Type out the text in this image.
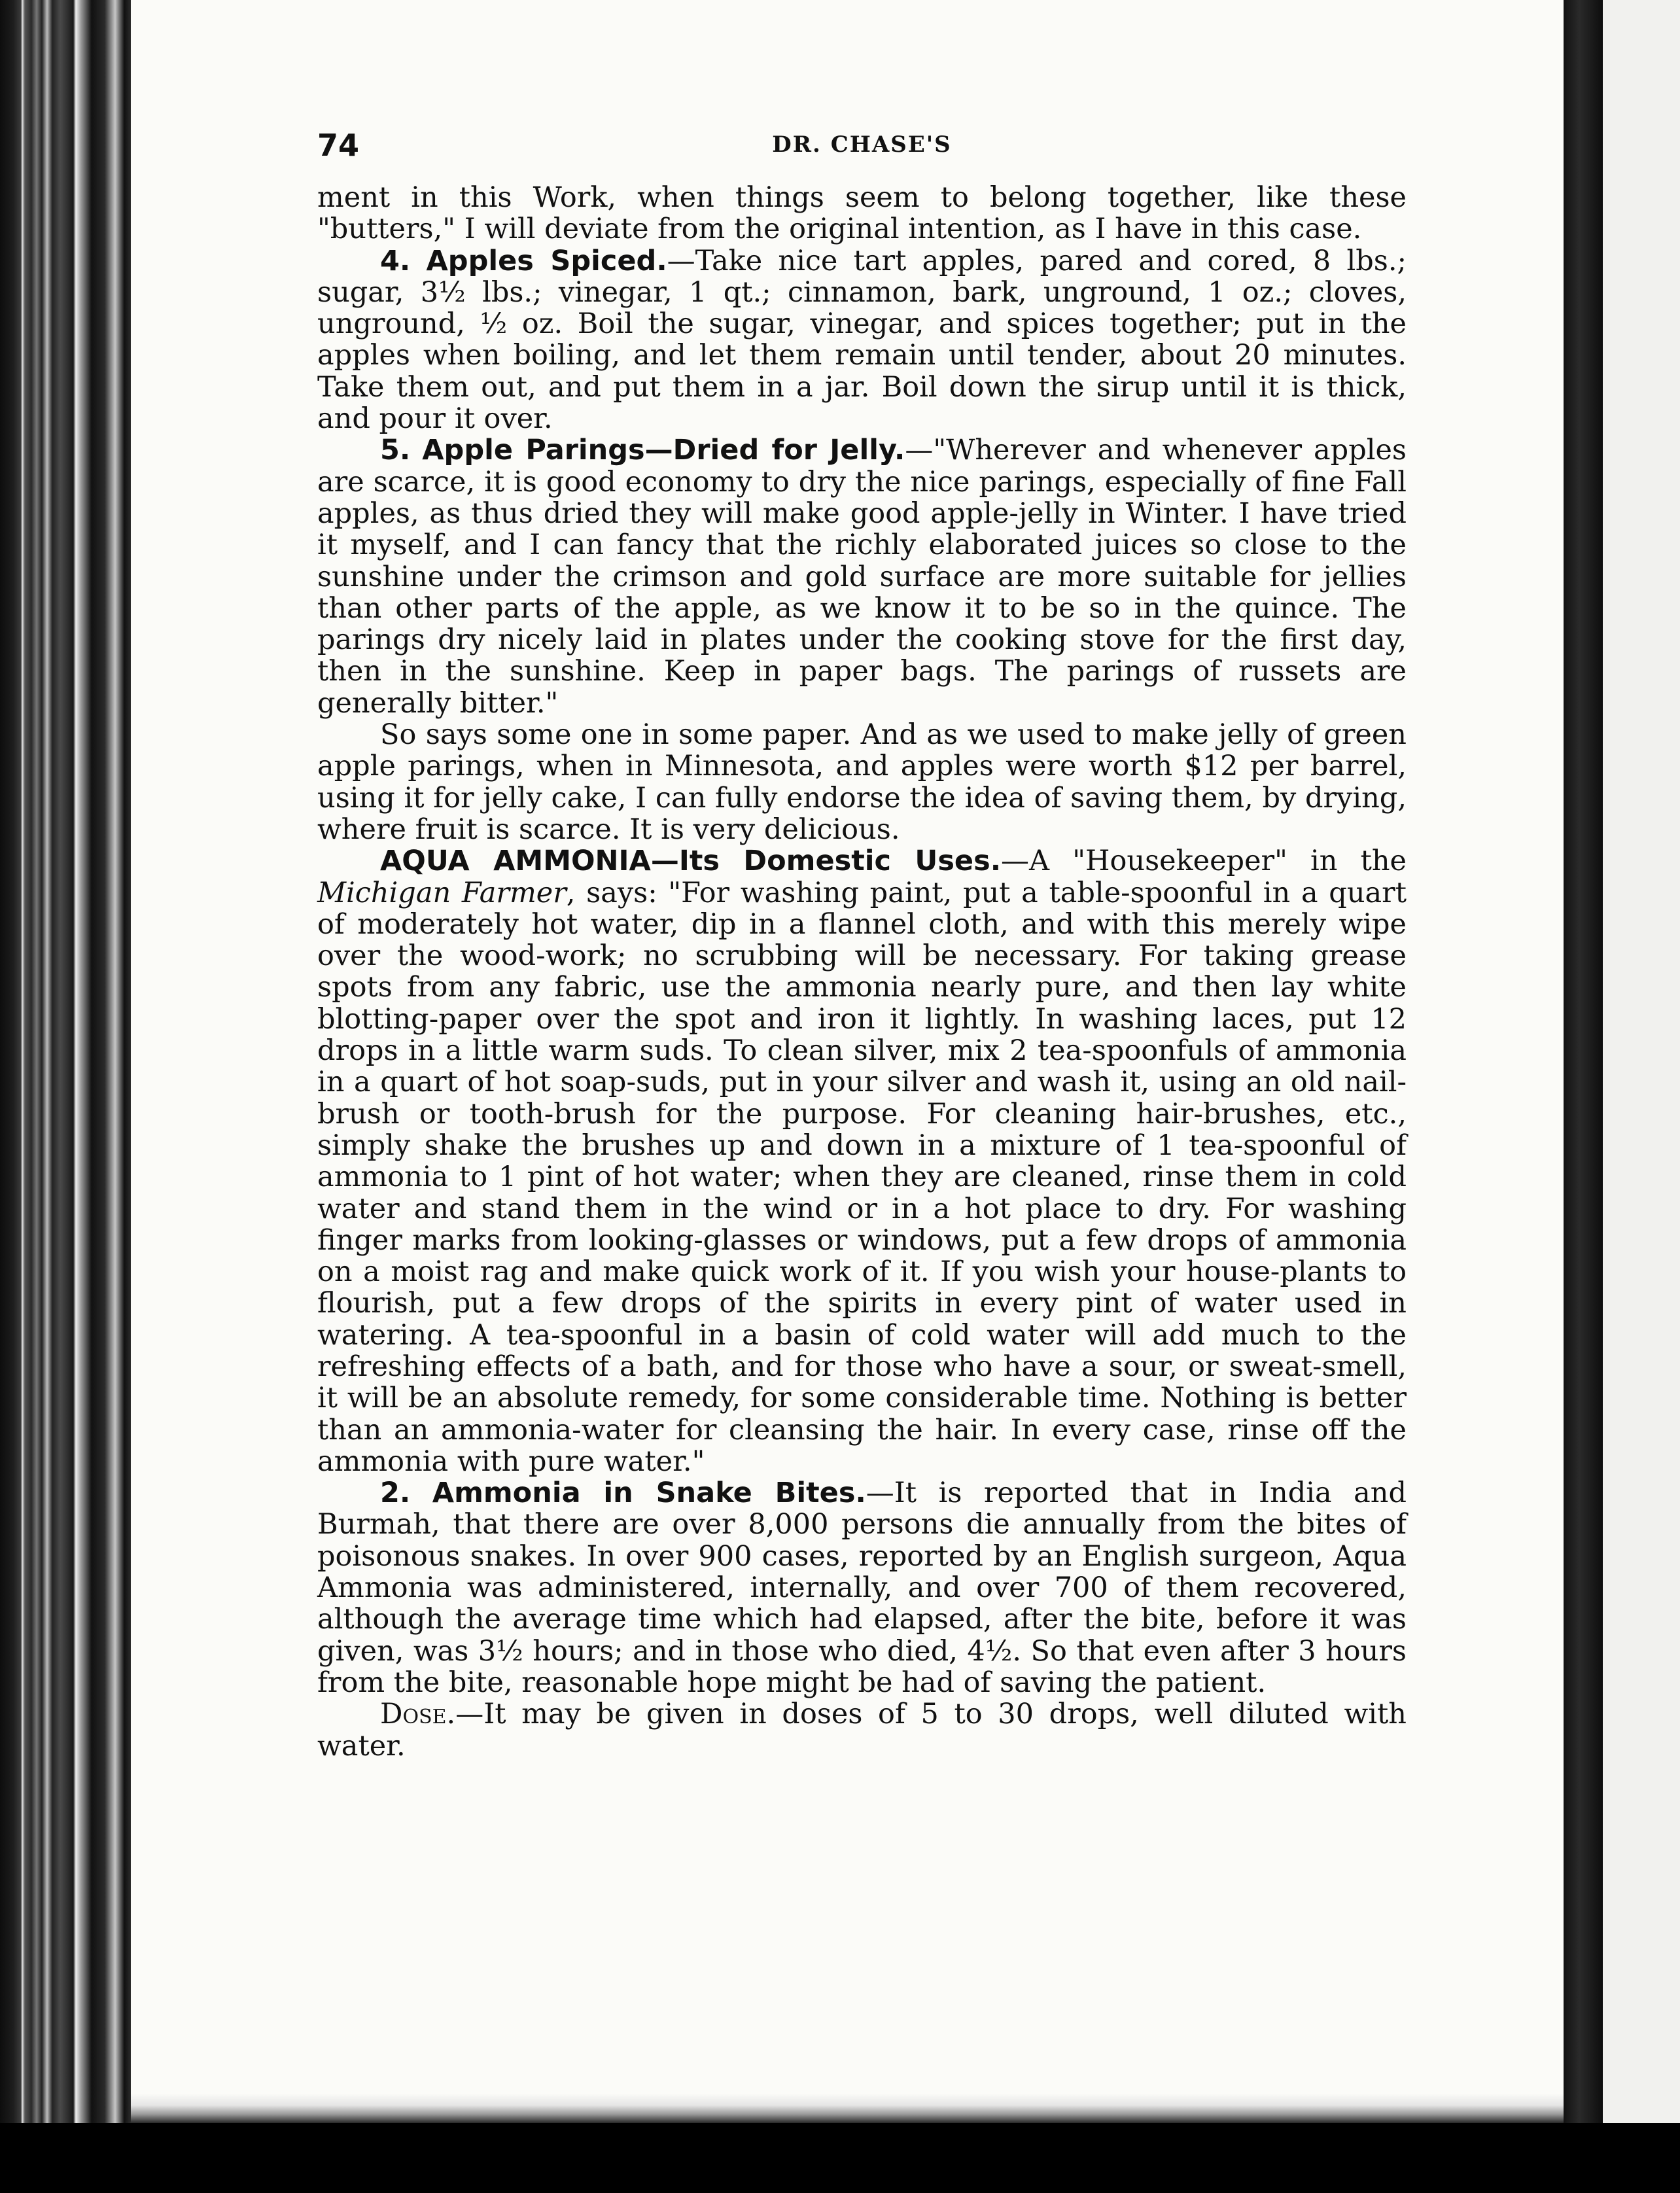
74	DR. CHASE'S

ment in this Work, when things seem to belong together, like these "butters," I will deviate from the original intention, as I have in this case.

4. Apples Spiced.—Take nice tart apples, pared and cored, 8 lbs.; sugar, 3½ lbs.; vinegar, 1 qt.; cinnamon, bark, unground, 1 oz.; cloves, unground, ½ oz. Boil the sugar, vinegar, and spices together; put in the apples when boiling, and let them remain until tender, about 20 minutes. Take them out, and put them in a jar. Boil down the sirup until it is thick, and pour it over.

5. Apple Parings—Dried for Jelly.—"Wherever and whenever apples are scarce, it is good economy to dry the nice parings, especially of fine Fall apples, as thus dried they will make good apple-jelly in Winter. I have tried it myself, and I can fancy that the richly elaborated juices so close to the sunshine under the crimson and gold surface are more suitable for jellies than other parts of the apple, as we know it to be so in the quince. The parings dry nicely laid in plates under the cooking stove for the first day, then in the sunshine. Keep in paper bags. The parings of russets are generally bitter."

So says some one in some paper. And as we used to make jelly of green apple parings, when in Minnesota, and apples were worth $12 per barrel, using it for jelly cake, I can fully endorse the idea of saving them, by drying, where fruit is scarce. It is very delicious.

AQUA AMMONIA—Its Domestic Uses.—A "Housekeeper" in the Michigan Farmer, says: "For washing paint, put a table-spoonful in a quart of moderately hot water, dip in a flannel cloth, and with this merely wipe over the wood-work; no scrubbing will be necessary. For taking grease spots from any fabric, use the ammonia nearly pure, and then lay white blotting-paper over the spot and iron it lightly. In washing laces, put 12 drops in a little warm suds. To clean silver, mix 2 tea-spoonfuls of ammonia in a quart of hot soap-suds, put in your silver and wash it, using an old nail-brush or tooth-brush for the purpose. For cleaning hair-brushes, etc., simply shake the brushes up and down in a mixture of 1 tea-spoonful of ammonia to 1 pint of hot water; when they are cleaned, rinse them in cold water and stand them in the wind or in a hot place to dry. For washing finger marks from looking-glasses or windows, put a few drops of ammonia on a moist rag and make quick work of it. If you wish your house-plants to flourish, put a few drops of the spirits in every pint of water used in watering. A tea-spoonful in a basin of cold water will add much to the refreshing effects of a bath, and for those who have a sour, or sweat-smell, it will be an absolute remedy, for some considerable time. Nothing is better than an ammonia-water for cleansing the hair. In every case, rinse off the ammonia with pure water."

2. Ammonia in Snake Bites.—It is reported that in India and Burmah, that there are over 8,000 persons die annually from the bites of poisonous snakes. In over 900 cases, reported by an English surgeon, Aqua Ammonia was administered, internally, and over 700 of them recovered, although the average time which had elapsed, after the bite, before it was given, was 3½ hours; and in those who died, 4½. So that even after 3 hours from the bite, reasonable hope might be had of saving the patient.

Dose.—It may be given in doses of 5 to 30 drops, well diluted with water.
